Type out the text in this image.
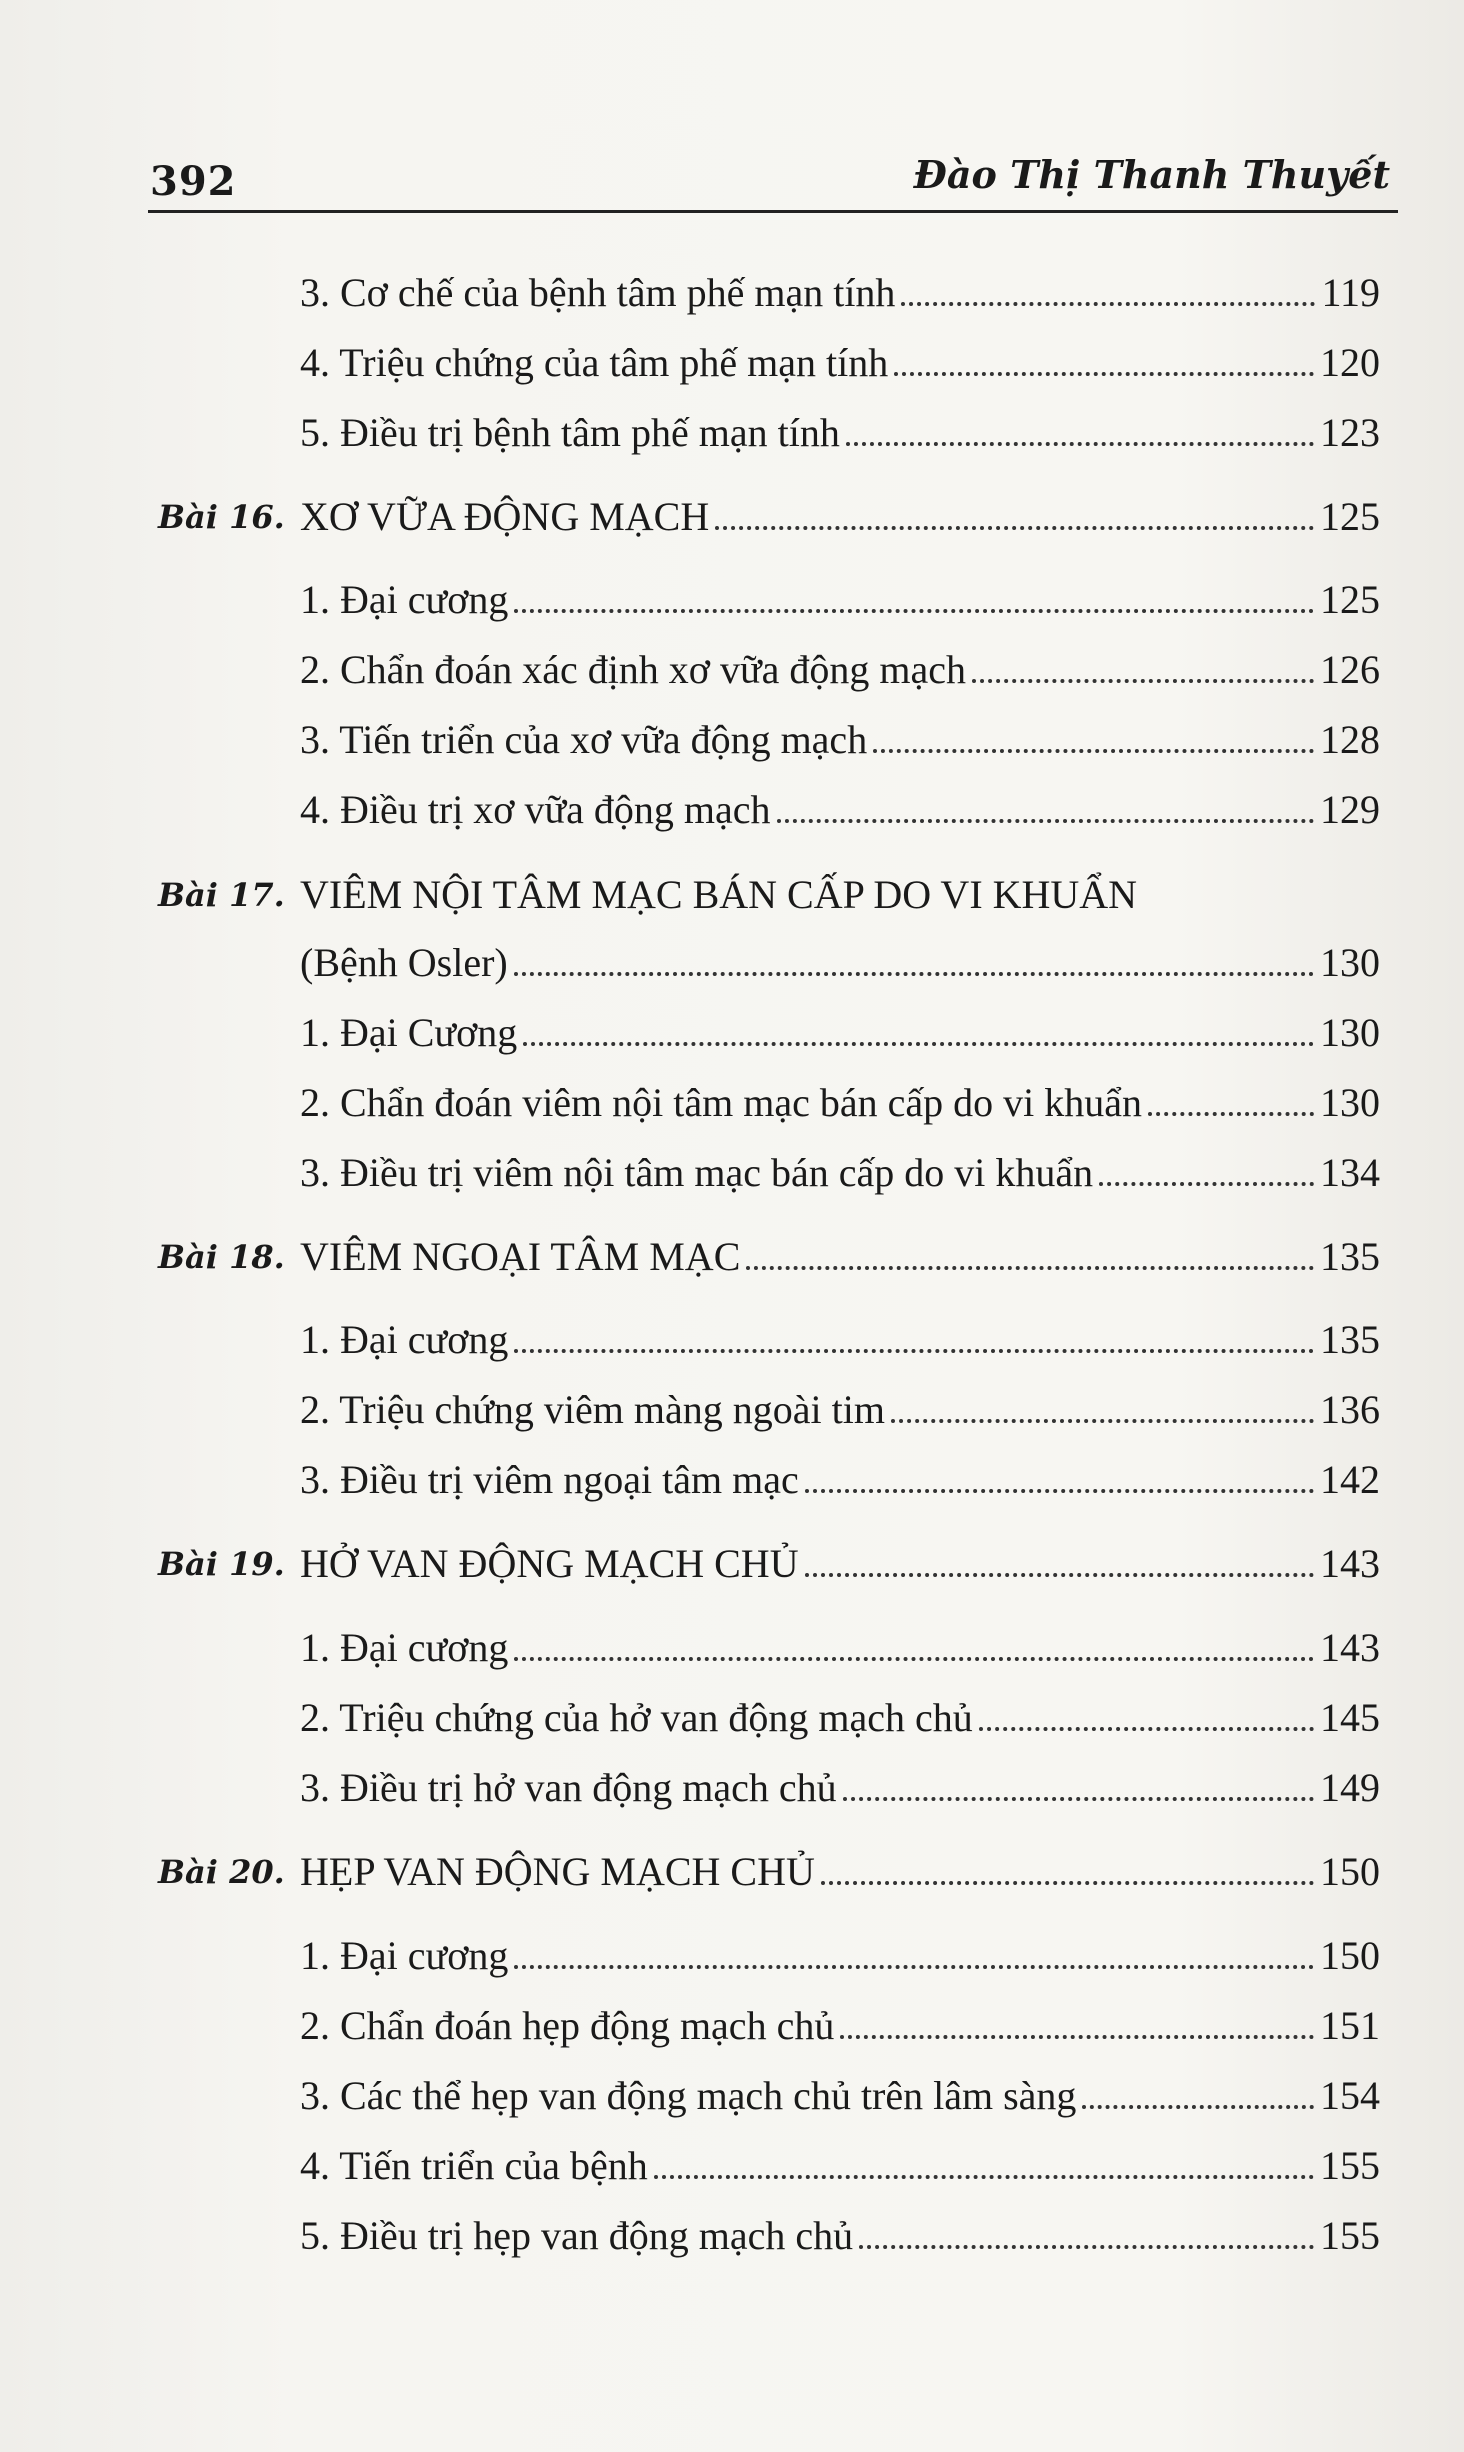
392	Đào Thị Thanh Thuyết
3. Cơ chế của bệnh tâm phế mạn tính	119
4. Triệu chứng của tâm phế mạn tính	120
5. Điều trị bệnh tâm phế mạn tính	123
Bài 16. XƠ VỮA ĐỘNG MẠCH	125
1. Đại cương	125
2. Chẩn đoán xác định xơ vữa động mạch	126
3. Tiến triển của xơ vữa động mạch	128
4. Điều trị xơ vữa động mạch	129
Bài 17. VIÊM NỘI TÂM MẠC BÁN CẤP DO VI KHUẨN
(Bệnh Osler)	130
1. Đại Cương	130
2. Chẩn đoán viêm nội tâm mạc bán cấp do vi khuẩn	130
3. Điều trị viêm nội tâm mạc bán cấp do vi khuẩn	134
Bài 18. VIÊM NGOẠI TÂM MẠC	135
1. Đại cương	135
2. Triệu chứng viêm màng ngoài tim	136
3. Điều trị viêm ngoại tâm mạc	142
Bài 19. HỞ VAN ĐỘNG MẠCH CHỦ	143
1. Đại cương	143
2. Triệu chứng của hở van động mạch chủ	145
3. Điều trị hở van động mạch chủ	149
Bài 20. HẸP VAN ĐỘNG MẠCH CHỦ	150
1. Đại cương	150
2. Chẩn đoán hẹp động mạch chủ	151
3. Các thể hẹp van động mạch chủ trên lâm sàng	154
4. Tiến triển của bệnh	155
5. Điều trị hẹp van động mạch chủ	155
